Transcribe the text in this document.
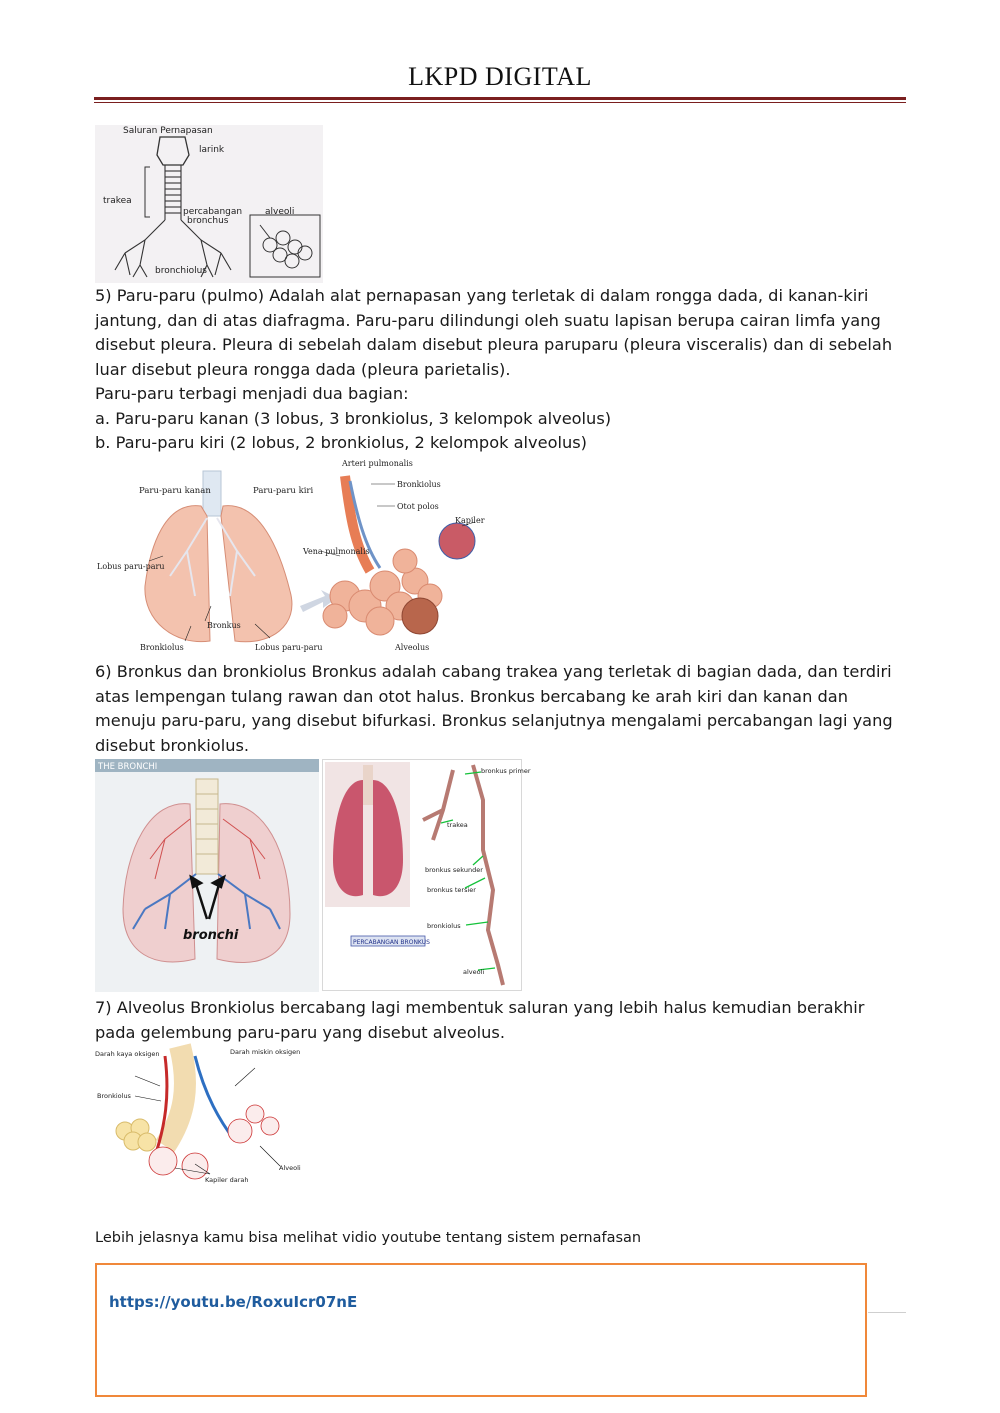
LKPD DIGITAL
Saluran Pernapasan
larink
trakea
percabangan
bronchus
alveoli
bronchiolus
5) Paru-paru (pulmo) Adalah alat pernapasan yang terletak di dalam rongga dada, di kanan-kiri
jantung, dan di atas diafragma. Paru-paru dilindungi oleh suatu lapisan berupa cairan limfa yang
disebut pleura. Pleura di sebelah dalam disebut pleura paruparu (pleura visceralis) dan di sebelah
luar disebut pleura rongga dada (pleura parietalis).
Paru-paru terbagi menjadi dua bagian:
a. Paru-paru kanan (3 lobus, 3 bronkiolus, 3 kelompok alveolus)
b. Paru-paru kiri (2 lobus, 2 bronkiolus, 2 kelompok alveolus)
Paru-paru kanan	Paru-paru kiri
Lobus paru-paru
Bronkus
Bronkiolus	Lobus paru-paru
Arteri pulmonalis
Bronkiolus
Otot polos
Kapiler
Vena pulmonalis
Alveolus
6) Bronkus dan bronkiolus Bronkus adalah cabang trakea yang terletak di bagian dada, dan terdiri
atas lempengan tulang rawan dan otot halus. Bronkus bercabang ke arah kiri dan kanan dan
menuju paru-paru, yang disebut bifurkasi. Bronkus selanjutnya mengalami percabangan lagi yang
disebut bronkiolus.
THE BRONCHI
bronchi
bronkus primer
trakea
bronkus sekunder
bronkus tersier
bronkiolus
alveoli
PERCABANGAN BRONKUS
7) Alveolus Bronkiolus bercabang lagi membentuk saluran yang lebih halus kemudian berakhir
pada gelembung paru-paru yang disebut alveolus.
Darah kaya oksigen	Darah miskin oksigen
Bronkiolus
Alveoli
Kapiler darah
Lebih jelasnya kamu bisa melihat vidio youtube tentang sistem pernafasan
https://youtu.be/RoxuIcr07nE
